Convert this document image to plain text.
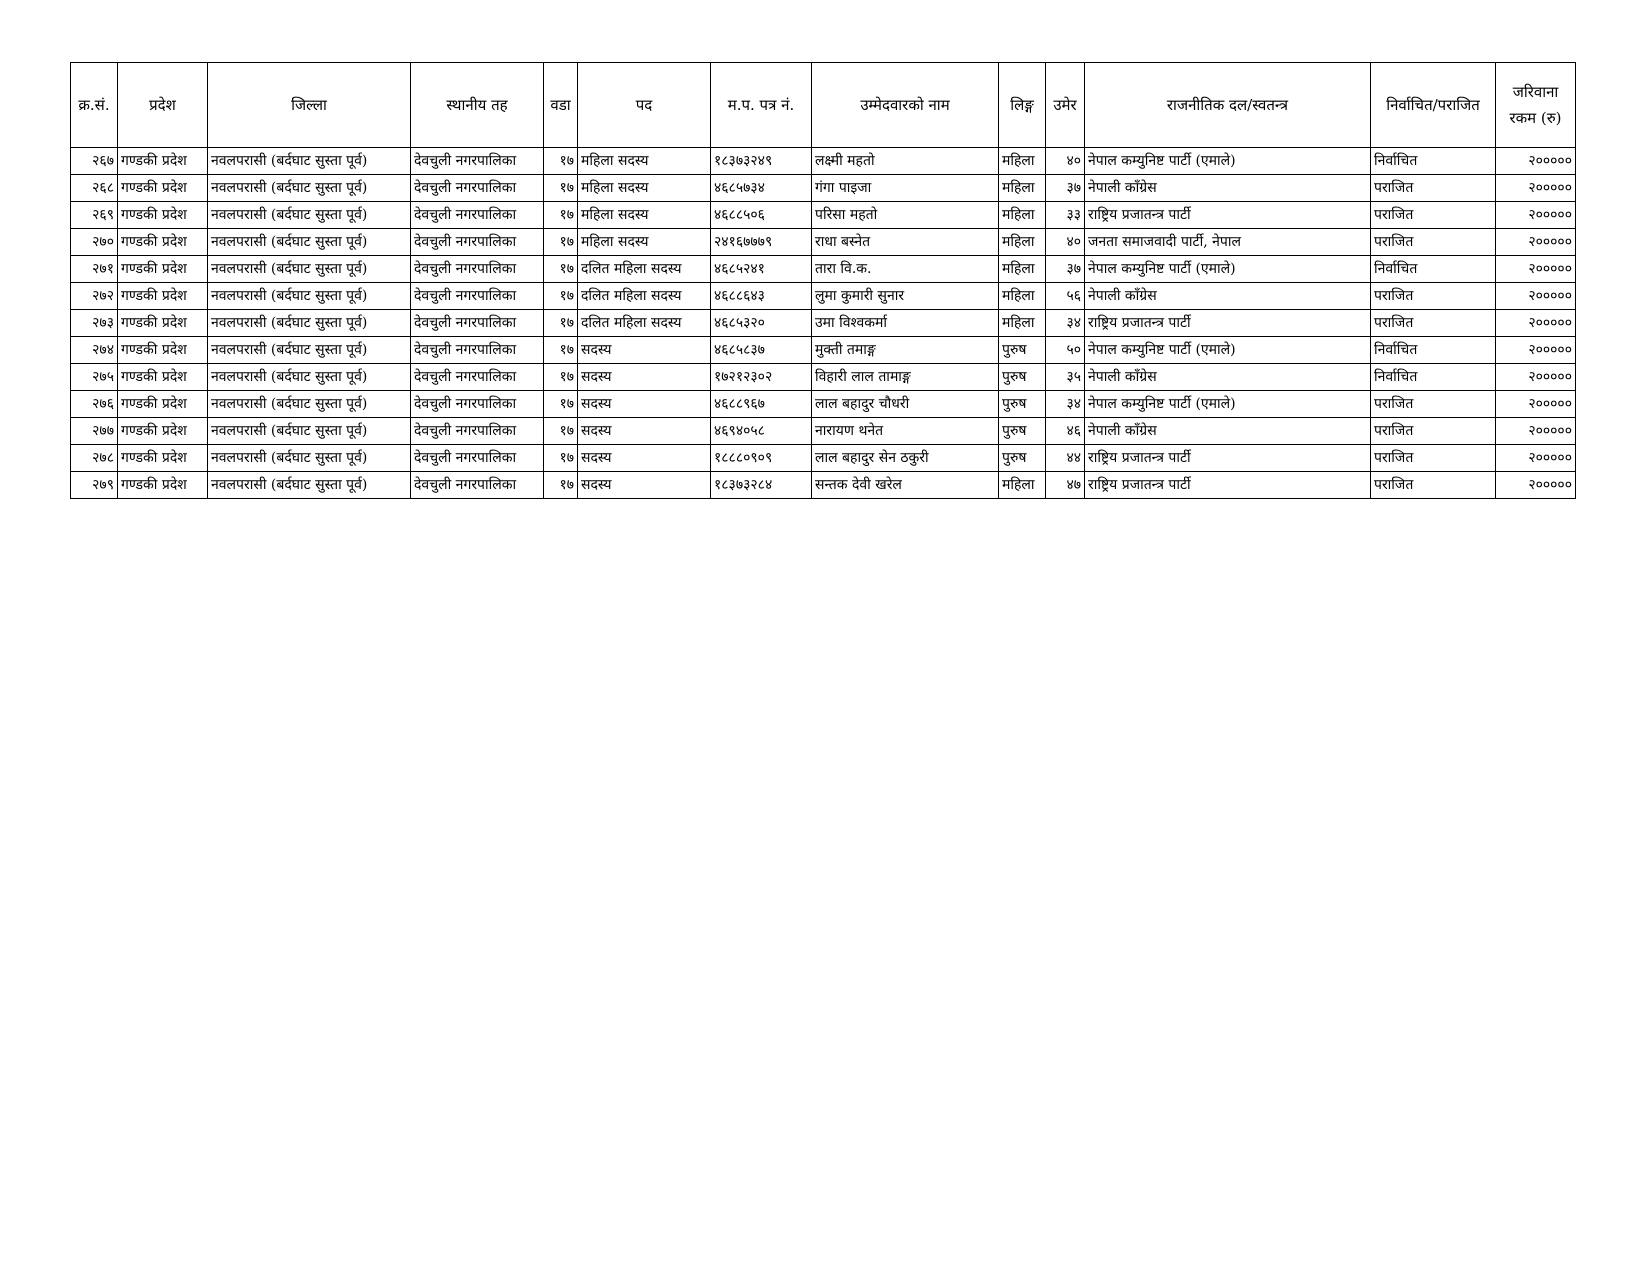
क्र.सं.	प्रदेश	जिल्ला	स्थानीय तह	वडा	पद	म.प. पत्र नं.	उम्मेदवारको नाम	लिङ्ग	उमेर	राजनीतिक दल/स्वतन्त्र	निर्वाचित/पराजित	जरिवाना रकम (रु)
२६७	गण्डकी प्रदेश	नवलपरासी (बर्दघाट सुस्ता पूर्व)	देवचुली नगरपालिका	१७	महिला सदस्य	१८३७३२४९	लक्ष्मी महतो	महिला	४०	नेपाल कम्युनिष्ट पार्टी (एमाले)	निर्वाचित	२०००००
२६८	गण्डकी प्रदेश	नवलपरासी (बर्दघाट सुस्ता पूर्व)	देवचुली नगरपालिका	१७	महिला सदस्य	४६८५७३४	गंगा पाइजा	महिला	३७	नेपाली काँग्रेस	पराजित	२०००००
२६९	गण्डकी प्रदेश	नवलपरासी (बर्दघाट सुस्ता पूर्व)	देवचुली नगरपालिका	१७	महिला सदस्य	४६८८५०६	परिसा महतो	महिला	३३	राष्ट्रिय प्रजातन्त्र पार्टी	पराजित	२०००००
२७०	गण्डकी प्रदेश	नवलपरासी (बर्दघाट सुस्ता पूर्व)	देवचुली नगरपालिका	१७	महिला सदस्य	२४१६७७७९	राधा बस्नेत	महिला	४०	जनता समाजवादी पार्टी, नेपाल	पराजित	२०००००
२७१	गण्डकी प्रदेश	नवलपरासी (बर्दघाट सुस्ता पूर्व)	देवचुली नगरपालिका	१७	दलित महिला सदस्य	४६८५२४१	तारा वि.क.	महिला	३७	नेपाल कम्युनिष्ट पार्टी (एमाले)	निर्वाचित	२०००००
२७२	गण्डकी प्रदेश	नवलपरासी (बर्दघाट सुस्ता पूर्व)	देवचुली नगरपालिका	१७	दलित महिला सदस्य	४६८८६४३	लुमा कुमारी सुनार	महिला	५६	नेपाली काँग्रेस	पराजित	२०००००
२७३	गण्डकी प्रदेश	नवलपरासी (बर्दघाट सुस्ता पूर्व)	देवचुली नगरपालिका	१७	दलित महिला सदस्य	४६८५३२०	उमा विश्वकर्मा	महिला	३४	राष्ट्रिय प्रजातन्त्र पार्टी	पराजित	२०००००
२७४	गण्डकी प्रदेश	नवलपरासी (बर्दघाट सुस्ता पूर्व)	देवचुली नगरपालिका	१७	सदस्य	४६८५८३७	मुक्ती तमाङ्ग	पुरुष	५०	नेपाल कम्युनिष्ट पार्टी (एमाले)	निर्वाचित	२०००००
२७५	गण्डकी प्रदेश	नवलपरासी (बर्दघाट सुस्ता पूर्व)	देवचुली नगरपालिका	१७	सदस्य	१७२१२३०२	विहारी लाल तामाङ्ग	पुरुष	३५	नेपाली काँग्रेस	निर्वाचित	२०००००
२७६	गण्डकी प्रदेश	नवलपरासी (बर्दघाट सुस्ता पूर्व)	देवचुली नगरपालिका	१७	सदस्य	४६८८९६७	लाल बहादुर चौधरी	पुरुष	३४	नेपाल कम्युनिष्ट पार्टी (एमाले)	पराजित	२०००००
२७७	गण्डकी प्रदेश	नवलपरासी (बर्दघाट सुस्ता पूर्व)	देवचुली नगरपालिका	१७	सदस्य	४६९४०५८	नारायण थनेत	पुरुष	४६	नेपाली काँग्रेस	पराजित	२०००००
२७८	गण्डकी प्रदेश	नवलपरासी (बर्दघाट सुस्ता पूर्व)	देवचुली नगरपालिका	१७	सदस्य	१८८८०९०९	लाल बहादुर सेन ठकुरी	पुरुष	४४	राष्ट्रिय प्रजातन्त्र पार्टी	पराजित	२०००००
२७९	गण्डकी प्रदेश	नवलपरासी (बर्दघाट सुस्ता पूर्व)	देवचुली नगरपालिका	१७	सदस्य	१८३७३२८४	सन्तक देवी खरेल	महिला	४७	राष्ट्रिय प्रजातन्त्र पार्टी	पराजित	२०००००
